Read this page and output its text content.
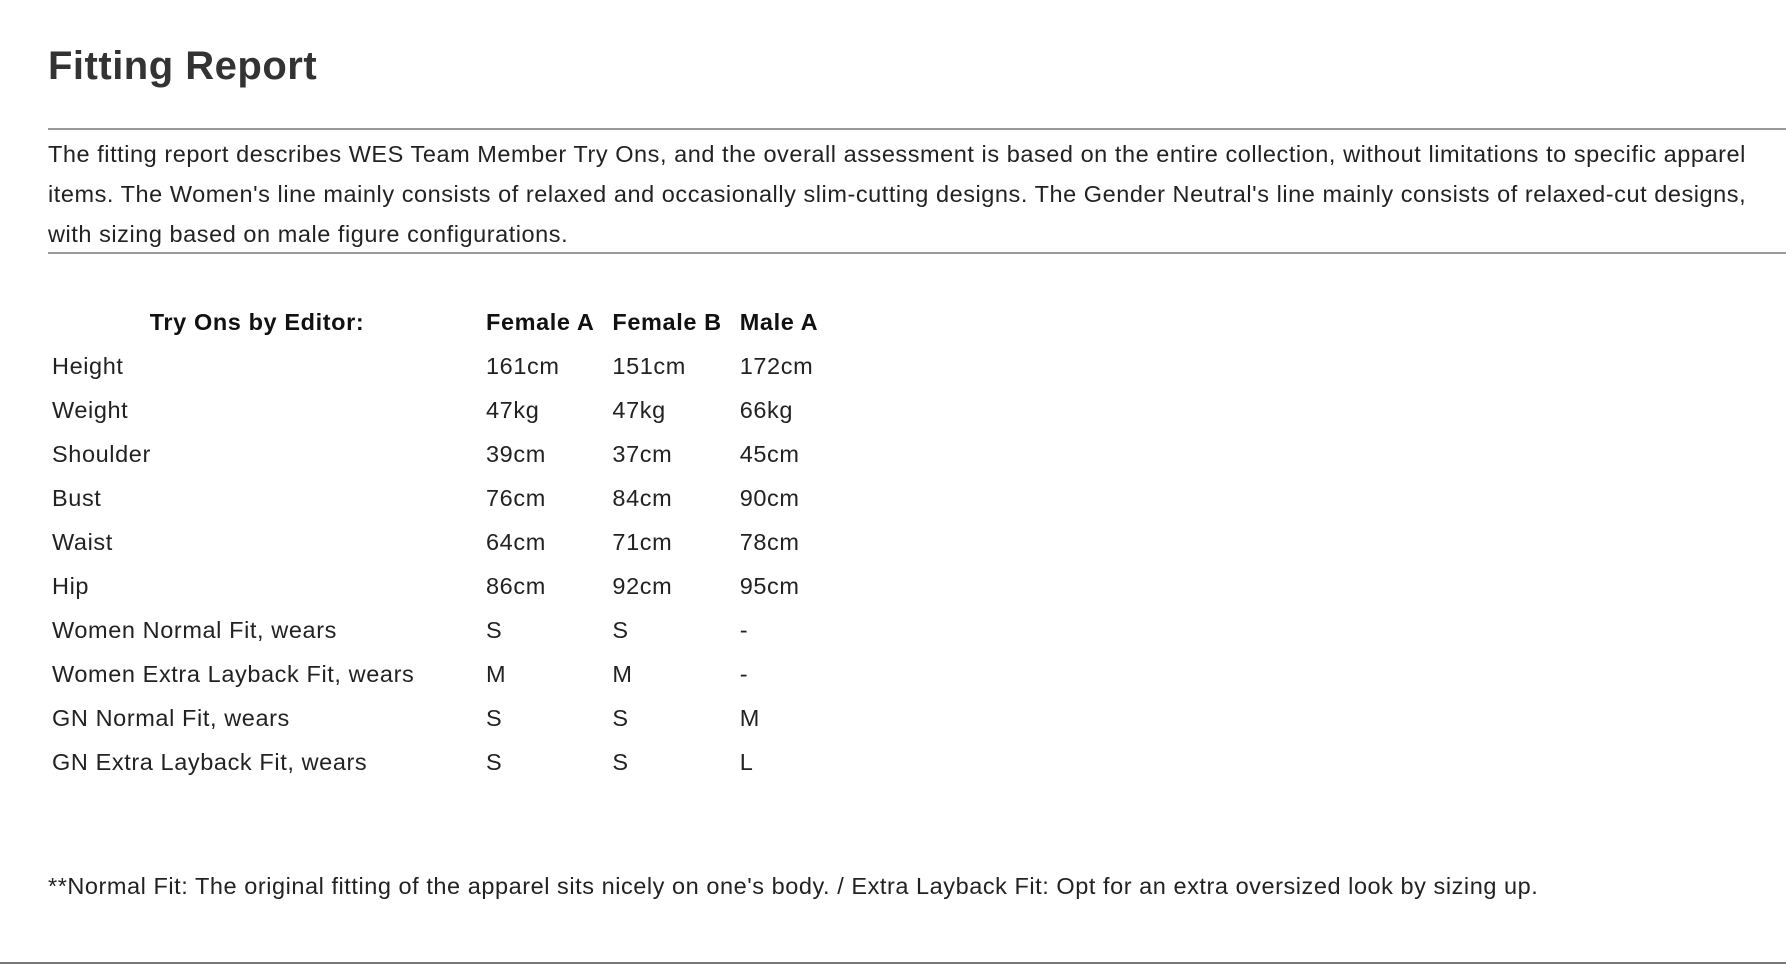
Fitting Report

The fitting report describes WES Team Member Try Ons, and the overall assessment is based on the entire collection, without limitations to specific apparel items. The Women's line mainly consists of relaxed and occasionally slim-cutting designs. The Gender Neutral's line mainly consists of relaxed-cut designs, with sizing based on male figure configurations.

Try Ons by Editor:	Female A	Female B	Male A
Height	161cm	151cm	172cm
Weight	47kg	47kg	66kg
Shoulder	39cm	37cm	45cm
Bust	76cm	84cm	90cm
Waist	64cm	71cm	78cm
Hip	86cm	92cm	95cm
Women Normal Fit, wears	S	S	-
Women Extra Layback Fit, wears	M	M	-
GN Normal Fit, wears	S	S	M
GN Extra Layback Fit, wears	S	S	L

**Normal Fit: The original fitting of the apparel sits nicely on one's body. / Extra Layback Fit: Opt for an extra oversized look by sizing up.
